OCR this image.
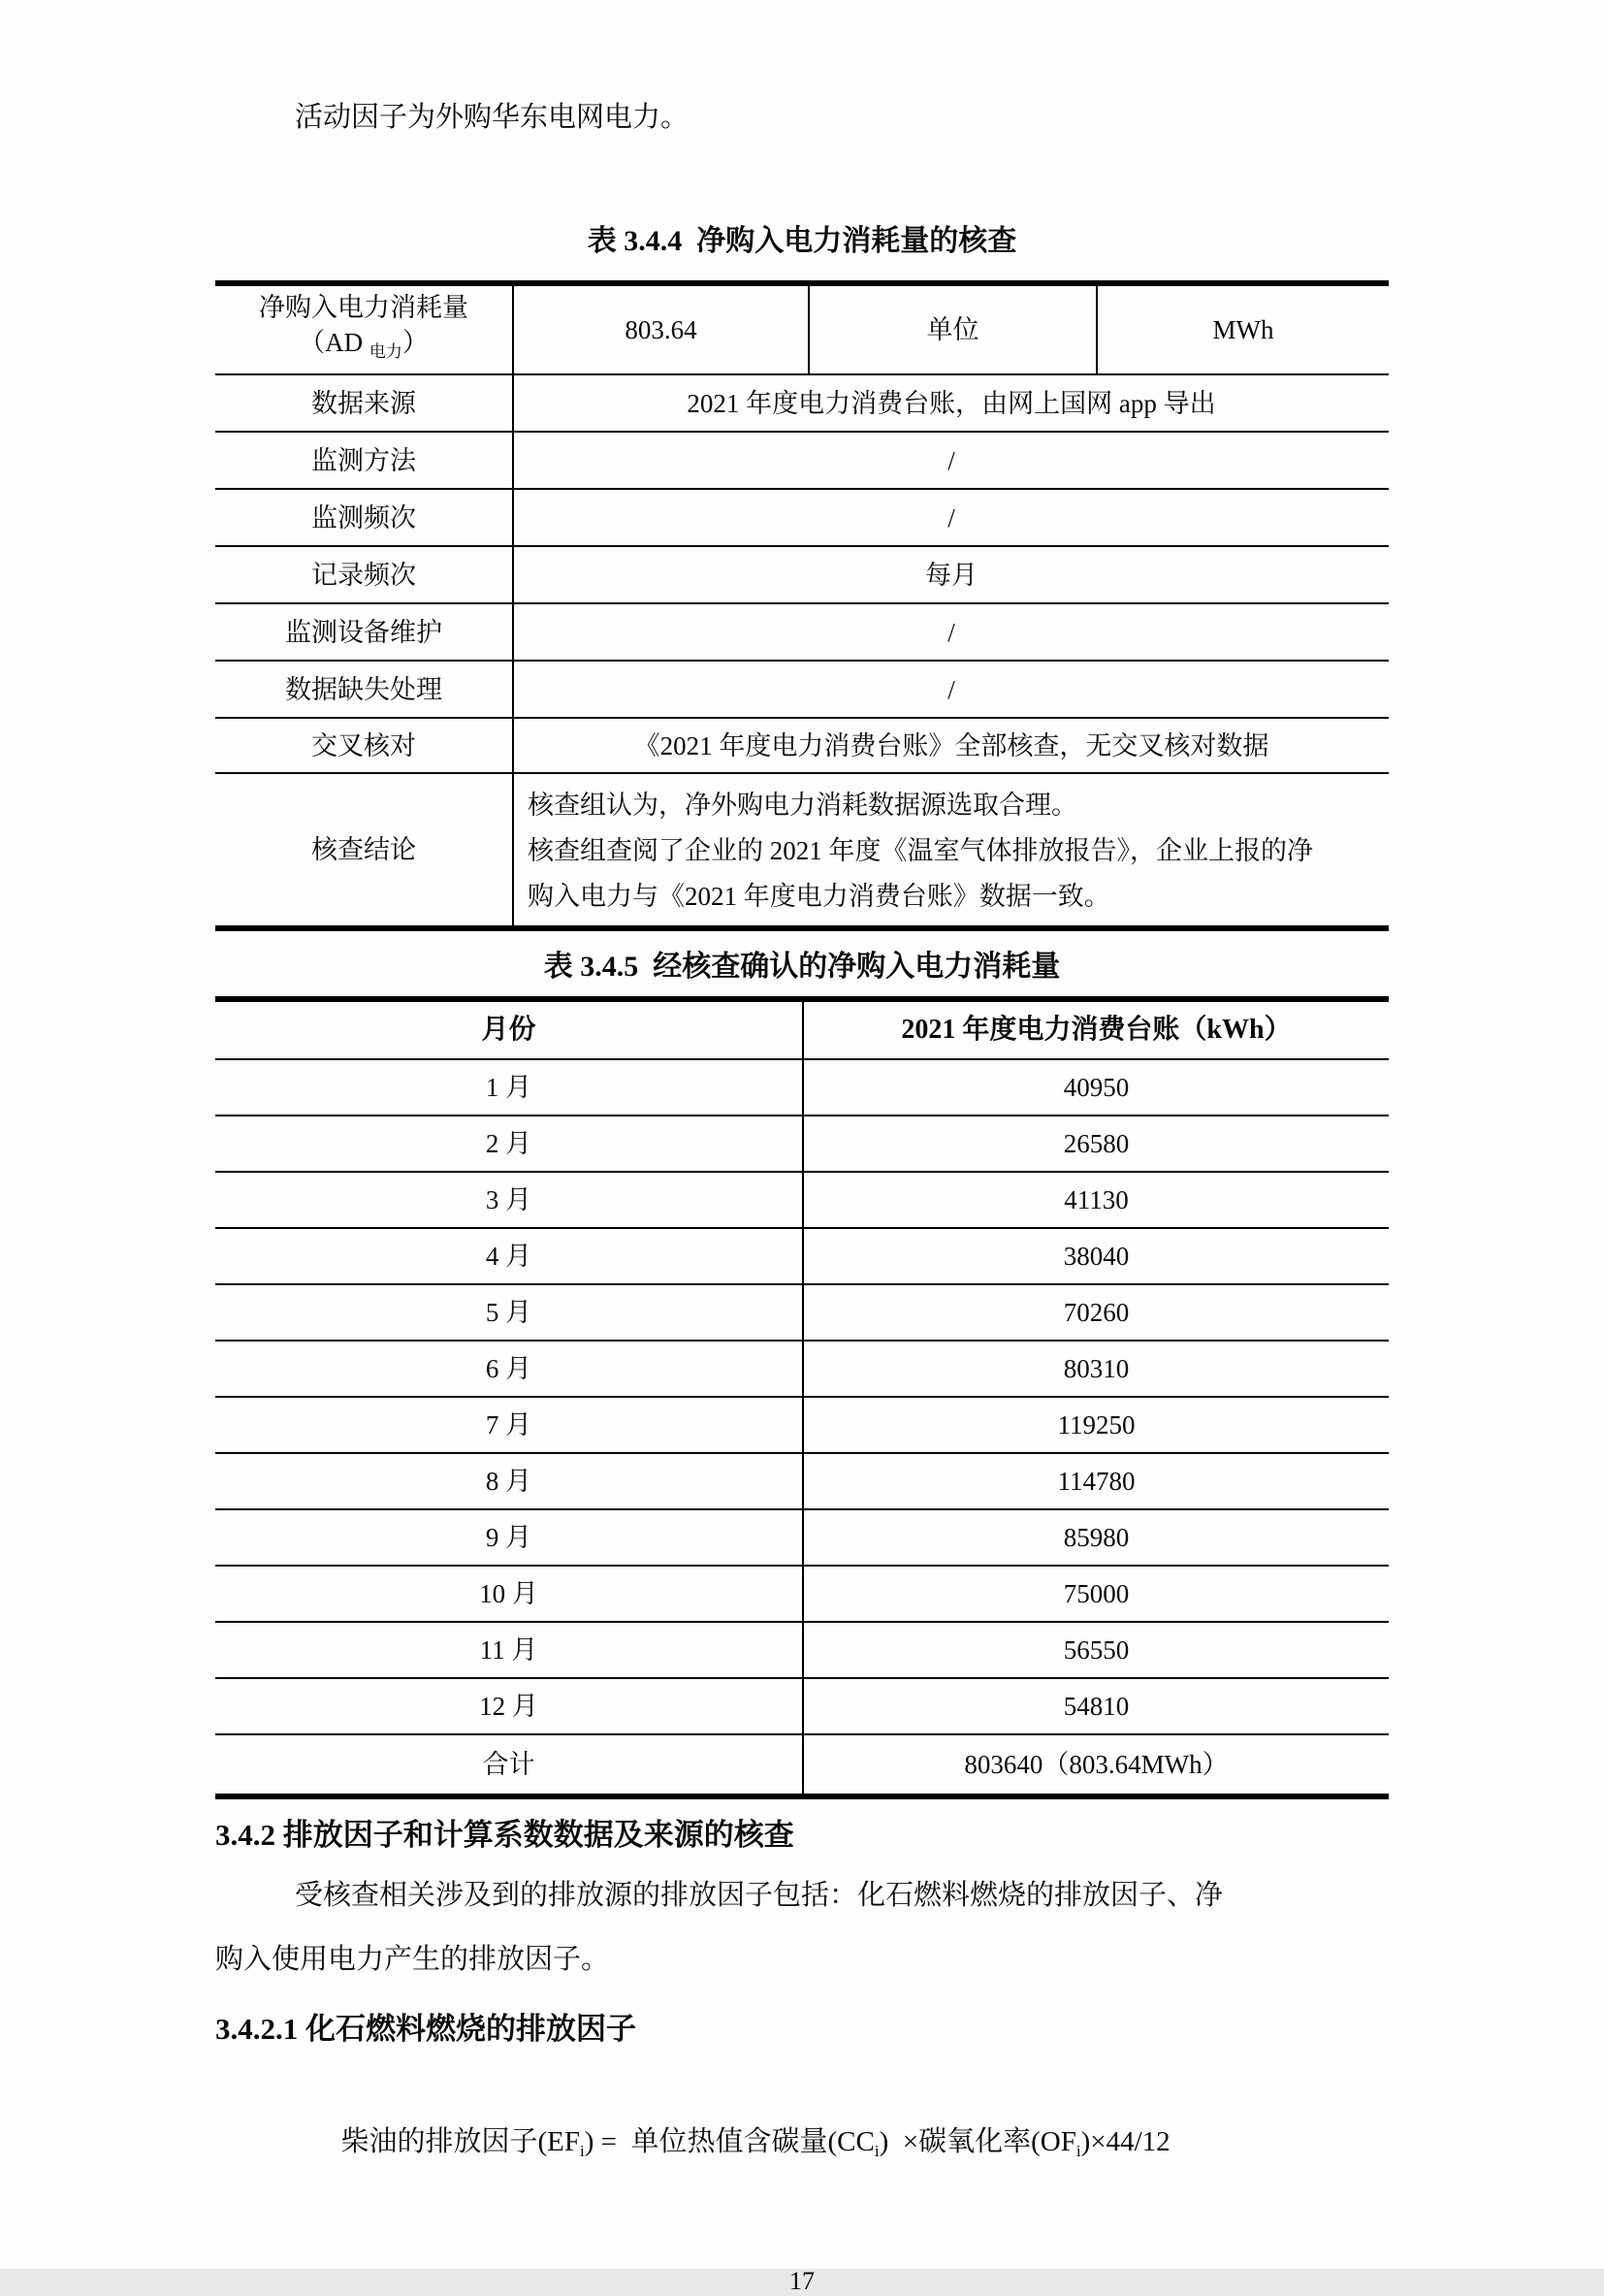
活动因子为外购华东电网电力。

表 3.4.4  净购入电力消耗量的核查
净购入电力消耗量
（AD $_{电力}$）	803.64	单位	MWh
数据来源	2021 年度电力消费台账，由网上国网 app 导出		
监测方法	/		
监测频次	/		
记录频次	每月		
监测设备维护	/		
数据缺失处理	/		
交叉核对	《2021 年度电力消费台账》全部核查，无交叉核对数据		
核查结论	核查组认为，净外购电力消耗数据源选取合理。
核查组查阅了企业的 2021 年度《温室气体排放报告》，企业上报的净
购入电力与《2021 年度电力消费台账》数据一致。		
表 3.4.5  经核查确认的净购入电力消耗量
月份	2021 年度电力消费台账（kWh）
1 月	40950
2 月	26580
3 月	41130
4 月	38040
5 月	70260
6 月	80310
7 月	119250
8 月	114780
9 月	85980
10 月	75000
11 月	56550
12 月	54810
合计	803640（803.64MWh）
3.4.2 排放因子和计算系数数据及来源的核查
受核查相关涉及到的排放源的排放因子包括：化石燃料燃烧的排放因子、净
购入使用电力产生的排放因子。
3.4.2.1 化石燃料燃烧的排放因子

柴油的排放因子$(EF_i)$ =  单位热值含碳量$(CC_i)$  ×碳氧化率$(OF_i)\times 44/12$

17
